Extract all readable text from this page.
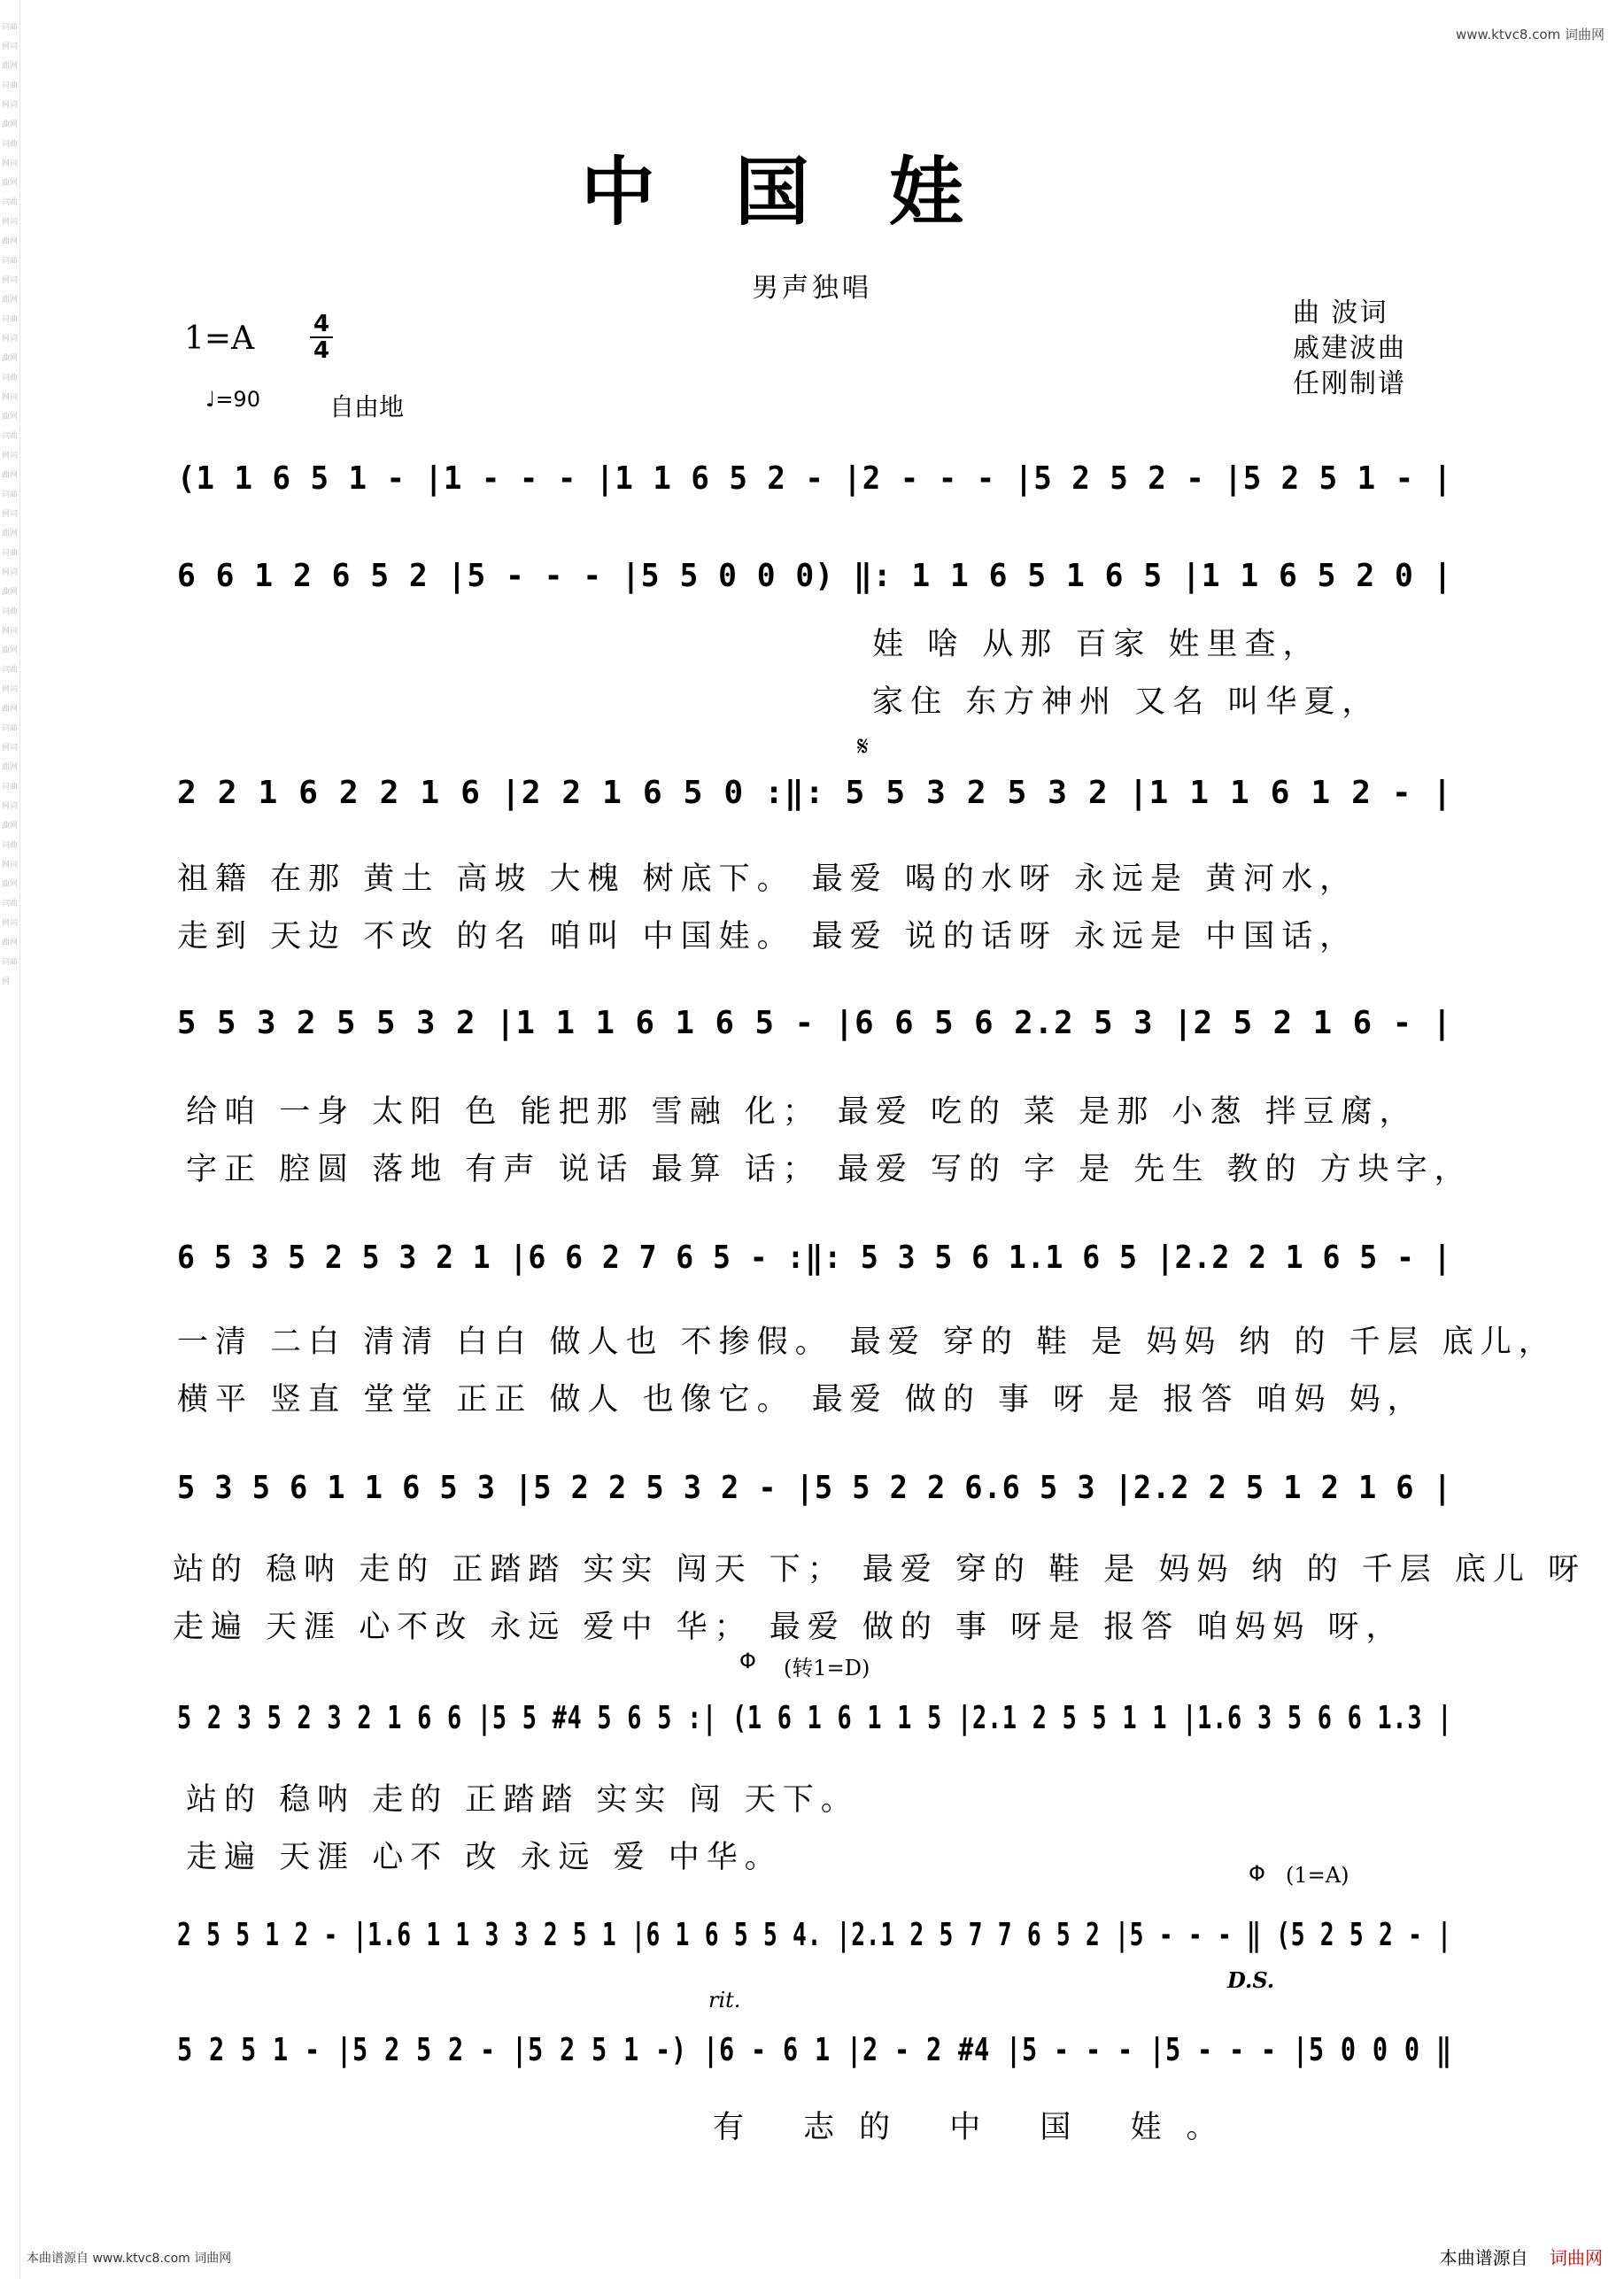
词曲网词曲网词曲网词曲网词曲网词曲网词曲网词曲网词曲网词曲网词曲网词曲网词曲网词曲网词曲网词曲网词曲网词曲网词曲网词曲网词曲网词曲网词曲网词曲网词曲网词曲网词曲网词曲网词曲网词曲网词曲网词曲网词曲网
www.ktvc8.com 词曲网
中国娃
男声独唱
曲 波词
戚建波曲
任刚制谱
1=A	4
4
♩=90	自由地
(1 1 6 5 1 - |1 - - - |1 1 6 5 2 - |2 - - - |5 2 5 2 - |5 2 5 1 - |
6 6 1 2 6 5 2 |5 - - - |5 5 0 0 0) ‖: 1 1 6 5 1 6 5 |1 1 6 5 2 0 |
娃 啥 从那 百家 姓里查，
家住 东方神州 又名 叫华夏，
𝄋
2 2 1 6 2 2 1 6 |2 2 1 6 5 0 :‖: 5 5 3 2 5 3 2 |1 1 1 6 1 2 - |
祖籍 在那 黄土 高坡 大槐 树底下。 最爱 喝的水呀 永远是 黄河水，
走到 天边 不改 的名 咱叫 中国娃。 最爱 说的话呀 永远是 中国话，
5 5 3 2 5 5 3 2 |1 1 1 6 1 6 5 - |6 6 5 6 2.2 5 3 |2 5 2 1 6 - |
给咱 一身 太阳 色 能把那 雪融 化； 最爱 吃的 菜 是那 小葱 拌豆腐，
字正 腔圆 落地 有声 说话 最算 话； 最爱 写的 字 是 先生 教的 方块字，
6 5 3 5 2 5 3 2 1 |6 6 2 7 6 5 - :‖: 5 3 5 6 1.1 6 5 |2.2 2 1 6 5 - |
一清 二白 清清 白白 做人也 不掺假。 最爱 穿的 鞋 是 妈妈 纳 的 千层 底儿，
横平 竖直 堂堂 正正 做人 也像它。 最爱 做的 事 呀 是 报答 咱妈 妈，
5 3 5 6 1 1 6 5 3 |5 2 2 5 3 2 - |5 5 2 2 6.6 5 3 |2.2 2 5 1 2 1 6 |
站的 稳呐 走的 正踏踏 实实 闯天 下； 最爱 穿的 鞋 是 妈妈 纳 的 千层 底儿 呀
走遍 天涯 心不改 永远 爱中 华； 最爱 做的 事 呀是 报答 咱妈妈 呀，
Φ (转1=D)
5 2 3 5 2 3 2 1 6 6 |5 5 #4 5 6 5 :| (1 6 1 6 1 1 5 |2.1 2 5 5 1 1 |1.6 3 5 6 6 1.3 |
站的 稳呐 走的 正踏踏 实实 闯 天下。
走遍 天涯 心不 改 永远 爱 中华。	Φ (1=A)
2 5 5 1 2 - |1.6 1 1 3 3 2 5 1 |6 1 6 5 5 4. |2.1 2 5 7 7 6 5 2 |5 - - - ‖ (5 2 5 2 - |
D.S.
rit.
5 2 5 1 - |5 2 5 2 - |5 2 5 1 -) |6 - 6 1 |2 - 2 #4 |5 - - - |5 - - - |5 0 0 0 ‖
有 志的 中 国 娃。
本曲谱源自 www.ktvc8.com 词曲网	本曲谱源自 词曲网
